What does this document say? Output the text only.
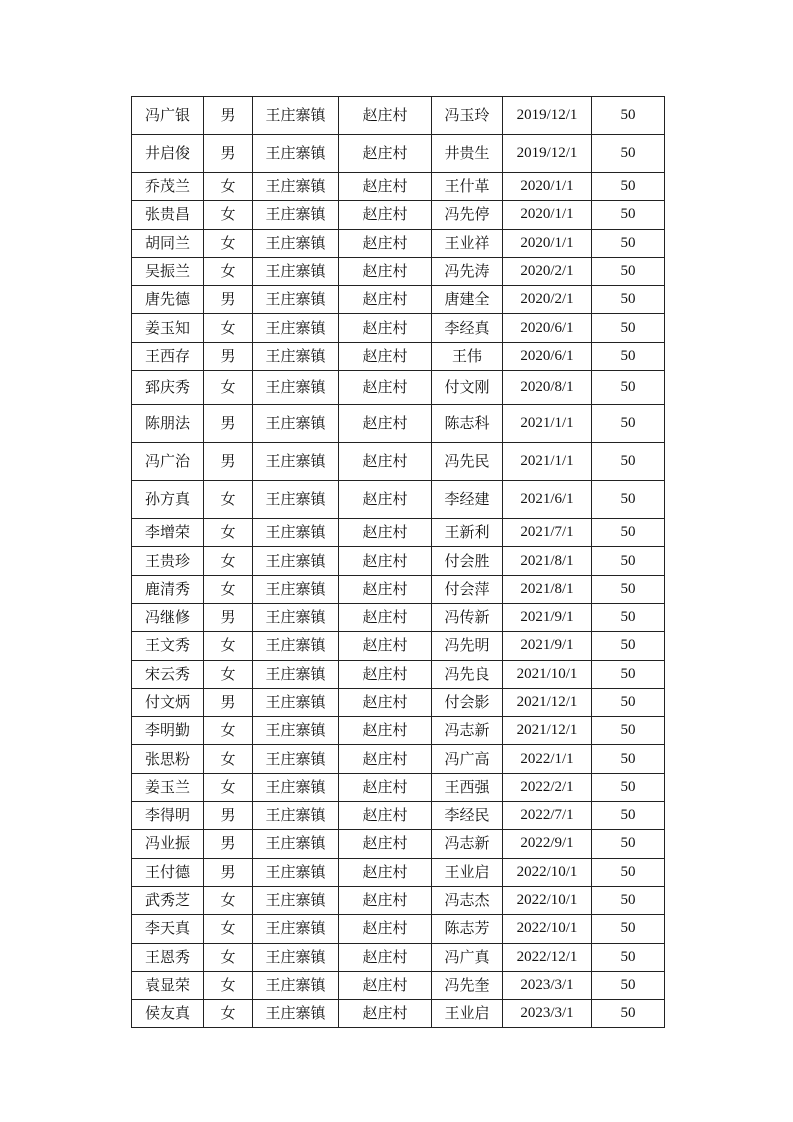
冯广银	男	王庄寨镇	赵庄村	冯玉玲	2019/12/1	50
井启俊	男	王庄寨镇	赵庄村	井贵生	2019/12/1	50
乔茂兰	女	王庄寨镇	赵庄村	王什革	2020/1/1	50
张贵昌	女	王庄寨镇	赵庄村	冯先停	2020/1/1	50
胡同兰	女	王庄寨镇	赵庄村	王业祥	2020/1/1	50
吴振兰	女	王庄寨镇	赵庄村	冯先涛	2020/2/1	50
唐先德	男	王庄寨镇	赵庄村	唐建全	2020/2/1	50
姜玉知	女	王庄寨镇	赵庄村	李经真	2020/6/1	50
王西存	男	王庄寨镇	赵庄村	王伟	2020/6/1	50
郅庆秀	女	王庄寨镇	赵庄村	付文刚	2020/8/1	50
陈朋法	男	王庄寨镇	赵庄村	陈志科	2021/1/1	50
冯广治	男	王庄寨镇	赵庄村	冯先民	2021/1/1	50
孙方真	女	王庄寨镇	赵庄村	李经建	2021/6/1	50
李增荣	女	王庄寨镇	赵庄村	王新利	2021/7/1	50
王贵珍	女	王庄寨镇	赵庄村	付会胜	2021/8/1	50
鹿清秀	女	王庄寨镇	赵庄村	付会萍	2021/8/1	50
冯继修	男	王庄寨镇	赵庄村	冯传新	2021/9/1	50
王文秀	女	王庄寨镇	赵庄村	冯先明	2021/9/1	50
宋云秀	女	王庄寨镇	赵庄村	冯先良	2021/10/1	50
付文炳	男	王庄寨镇	赵庄村	付会影	2021/12/1	50
李明勤	女	王庄寨镇	赵庄村	冯志新	2021/12/1	50
张思粉	女	王庄寨镇	赵庄村	冯广高	2022/1/1	50
姜玉兰	女	王庄寨镇	赵庄村	王西强	2022/2/1	50
李得明	男	王庄寨镇	赵庄村	李经民	2022/7/1	50
冯业振	男	王庄寨镇	赵庄村	冯志新	2022/9/1	50
王付德	男	王庄寨镇	赵庄村	王业启	2022/10/1	50
武秀芝	女	王庄寨镇	赵庄村	冯志杰	2022/10/1	50
李天真	女	王庄寨镇	赵庄村	陈志芳	2022/10/1	50
王恩秀	女	王庄寨镇	赵庄村	冯广真	2022/12/1	50
袁显荣	女	王庄寨镇	赵庄村	冯先奎	2023/3/1	50
侯友真	女	王庄寨镇	赵庄村	王业启	2023/3/1	50
